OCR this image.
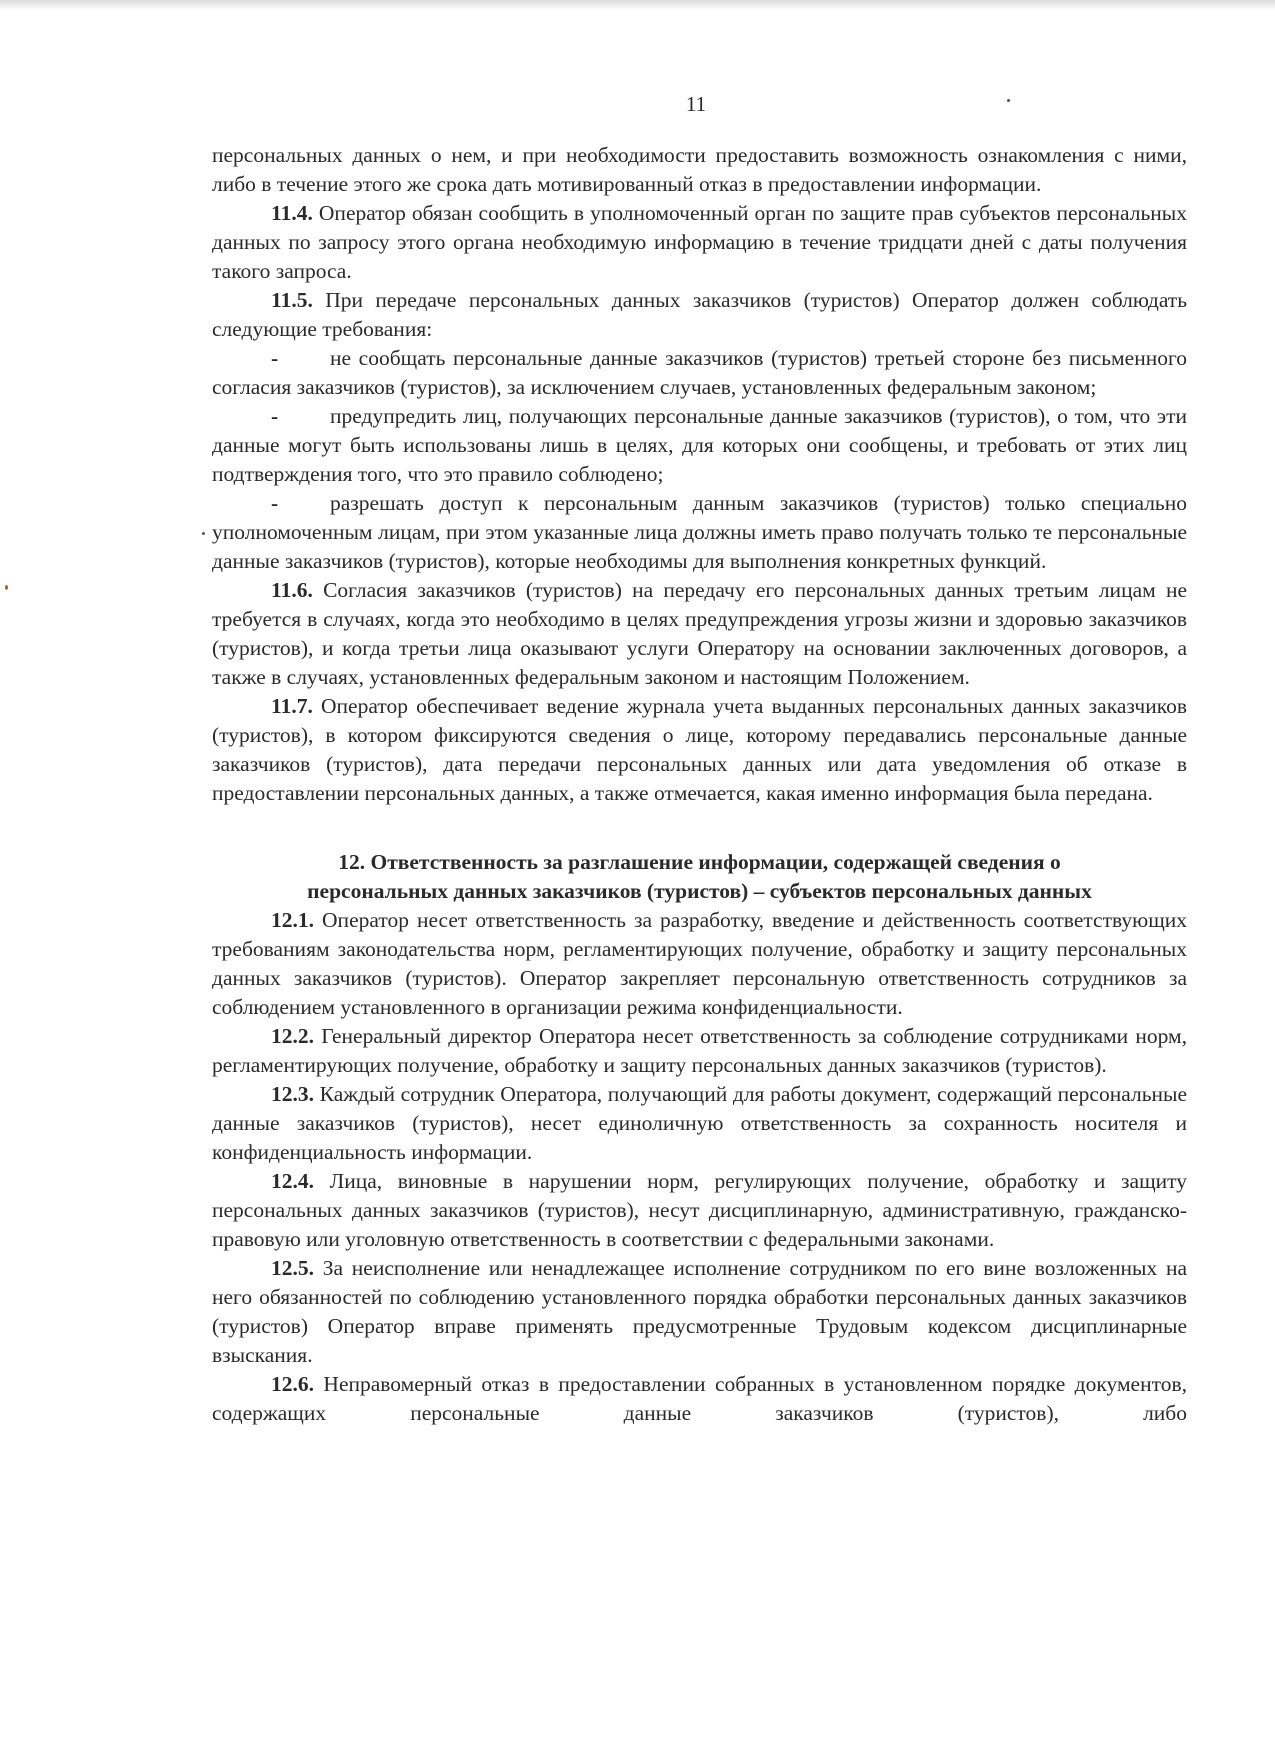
11

персональных данных о нем, и при необходимости предоставить возможность ознакомления с ними, либо в течение этого же срока дать мотивированный отказ в предоставлении информации.

11.4. Оператор обязан сообщить в уполномоченный орган по защите прав субъектов персональных данных по запросу этого органа необходимую информацию в течение тридцати дней с даты получения такого запроса.

11.5. При передаче персональных данных заказчиков (туристов) Оператор должен соблюдать следующие требования:

- не сообщать персональные данные заказчиков (туристов) третьей стороне без письменного согласия заказчиков (туристов), за исключением случаев, установленных федеральным законом;

- предупредить лиц, получающих персональные данные заказчиков (туристов), о том, что эти данные могут быть использованы лишь в целях, для которых они сообщены, и требовать от этих лиц подтверждения того, что это правило соблюдено;

- разрешать доступ к персональным данным заказчиков (туристов) только специально уполномоченным лицам, при этом указанные лица должны иметь право получать только те персональные данные заказчиков (туристов), которые необходимы для выполнения конкретных функций.

11.6. Согласия заказчиков (туристов) на передачу его персональных данных третьим лицам не требуется в случаях, когда это необходимо в целях предупреждения угрозы жизни и здоровью заказчиков (туристов), и когда третьи лица оказывают услуги Оператору на основании заключенных договоров, а также в случаях, установленных федеральным законом и настоящим Положением.

11.7. Оператор обеспечивает ведение журнала учета выданных персональных данных заказчиков (туристов), в котором фиксируются сведения о лице, которому передавались персональные данные заказчиков (туристов), дата передачи персональных данных или дата уведомления об отказе в предоставлении персональных данных, а также отмечается, какая именно информация была передана.

12. Ответственность за разглашение информации, содержащей сведения о

персональных данных заказчиков (туристов) – субъектов персональных данных

12.1. Оператор несет ответственность за разработку, введение и действенность соответствующих требованиям законодательства норм, регламентирующих получение, обработку и защиту персональных данных заказчиков (туристов). Оператор закрепляет персональную ответственность сотрудников за соблюдением установленного в организации режима конфиденциальности.

12.2. Генеральный директор Оператора несет ответственность за соблюдение сотрудниками норм, регламентирующих получение, обработку и защиту персональных данных заказчиков (туристов).

12.3. Каждый сотрудник Оператора, получающий для работы документ, содержащий персональные данные заказчиков (туристов), несет единоличную ответственность за сохранность носителя и конфиденциальность информации.

12.4. Лица, виновные в нарушении норм, регулирующих получение, обработку и защиту персональных данных заказчиков (туристов), несут дисциплинарную, административную, гражданско-правовую или уголовную ответственность в соответствии с федеральными законами.

12.5. За неисполнение или ненадлежащее исполнение сотрудником по его вине возложенных на него обязанностей по соблюдению установленного порядка обработки персональных данных заказчиков (туристов) Оператор вправе применять предусмотренные Трудовым кодексом дисциплинарные взыскания.

12.6. Неправомерный отказ в предоставлении собранных в установленном порядке документов, содержащих персональные данные заказчиков (туристов), либо
